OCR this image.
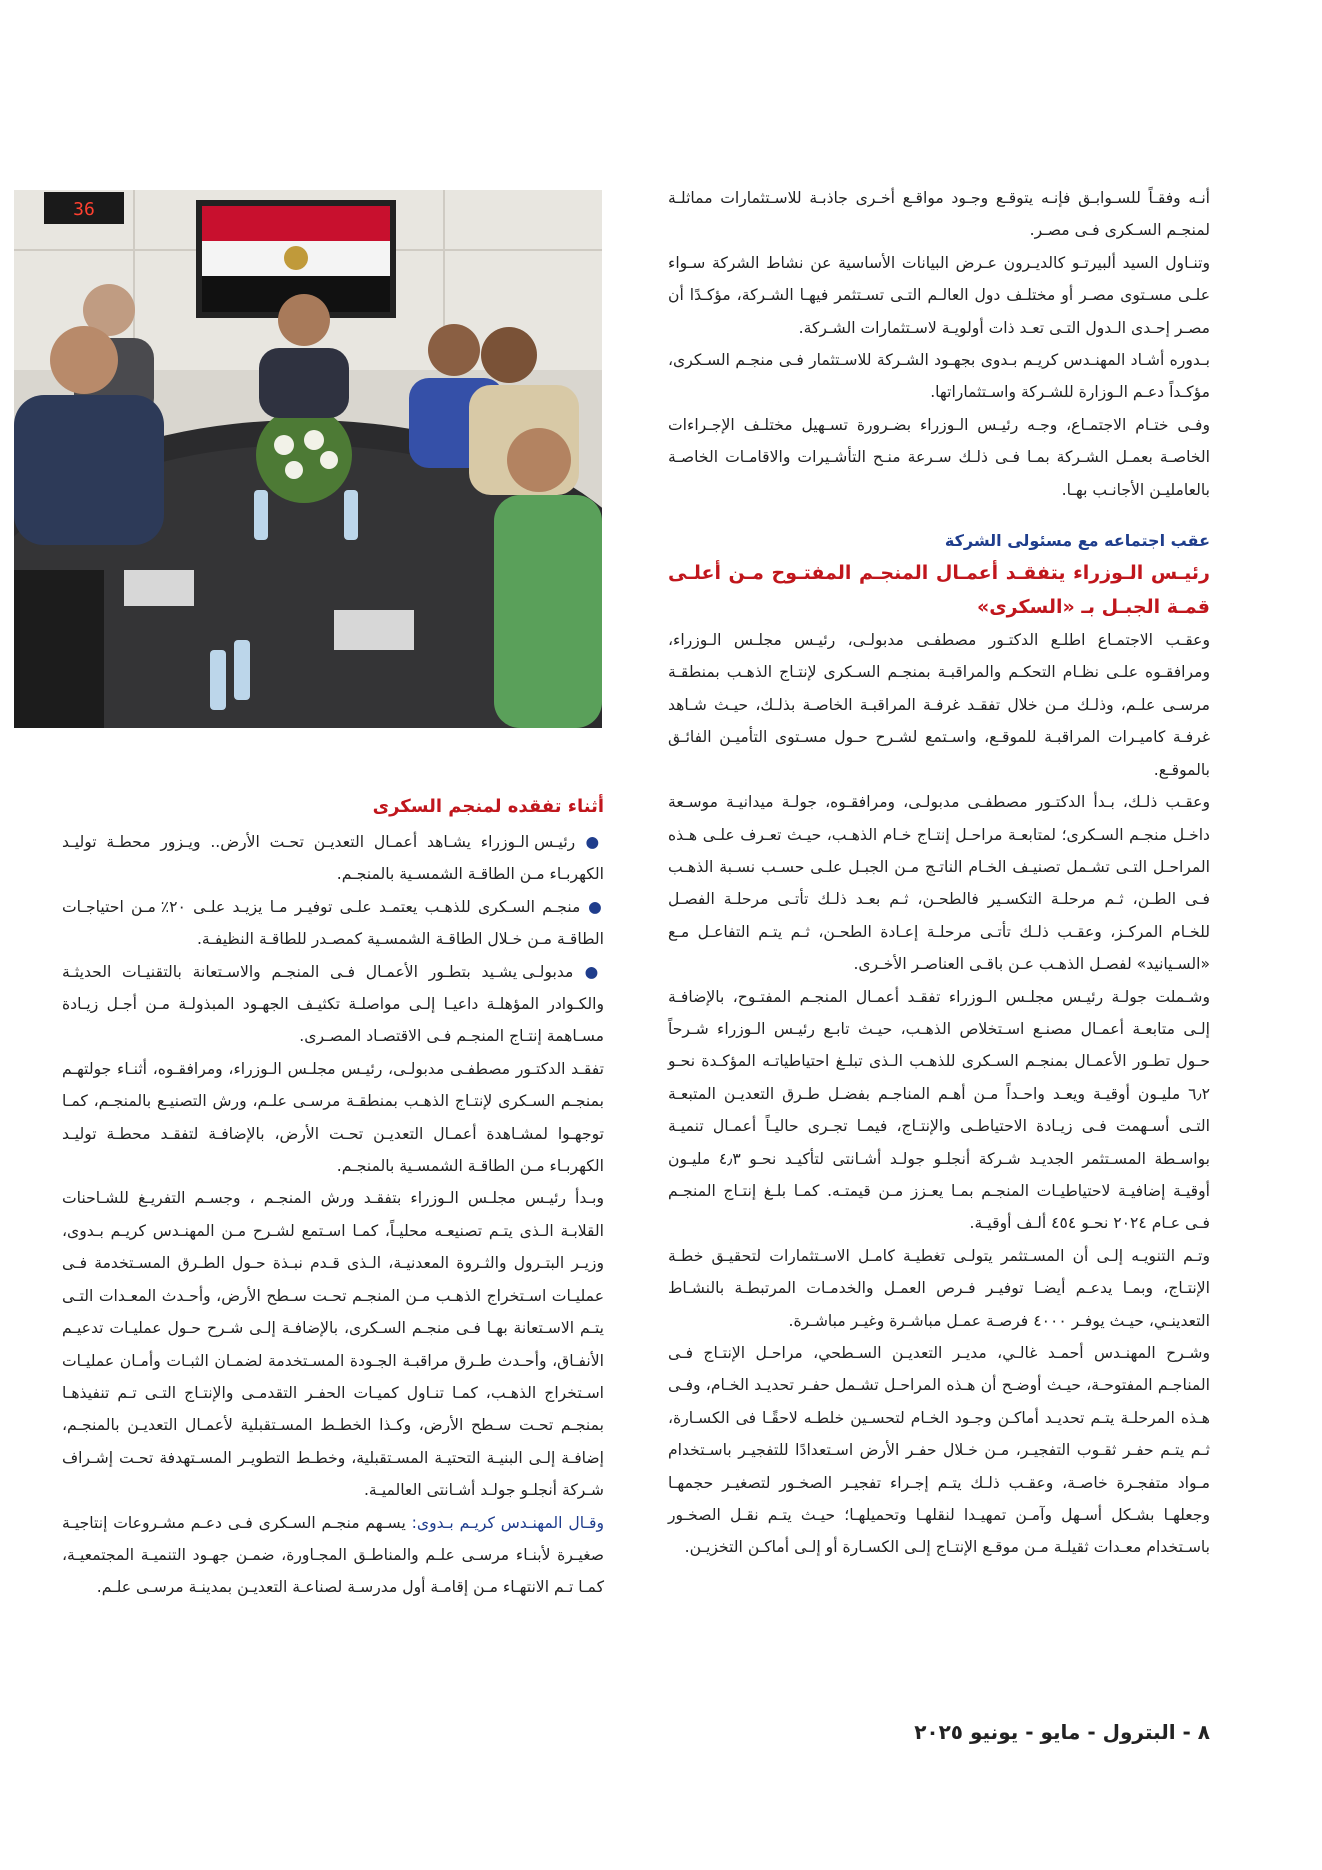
36

أنـه وفقـاً للسـوابـق فإنـه يتوقـع وجـود مواقـع أخـرى جاذبـة للاسـتثمارات مماثلـة لمنجـم السـكرى فـى مصـر.

وتنـاول السيد ألبيرتـو كالديـرون عـرض البيانات الأساسية عن نشاط الشركة سـواء علـى مسـتوى مصـر أو مختلـف دول العالـم التـى تسـتثمر فيهـا الشـركة، مؤكـدًا أن مصـر إحـدى الـدول التـى تعـد ذات أولويـة لاسـتثمارات الشـركة.

بـدوره أشـاد المهنـدس كريـم بـدوى بجهـود الشـركة للاسـتثمار فـى منجـم السـكرى، مؤكـداً دعـم الـوزارة للشـركة واسـتثماراتها.

وفـى ختـام الاجتمـاع، وجـه رئيـس الـوزراء بضـرورة تسـهيل مختلـف الإجـراءات الخاصـة بعمـل الشـركة بمـا فـى ذلـك سـرعة منـح التأشـيرات والاقامـات الخاصـة بالعامليـن الأجانـب بهـا.

عقب اجتماعه مع مسئولى الشركة
رئيـس الـوزراء يتفقـد أعمـال المنجـم المفتـوح مـن أعلـى قمـة الجبـل بـ «السكرى»

وعقـب الاجتمـاع اطلـع الدكتـور مصطفـى مدبولـى، رئيـس مجلـس الـوزراء، ومرافقـوه علـى نظـام التحكـم والمراقبـة بمنجـم السـكرى لإنتـاج الذهـب بمنطقـة مرسـى علـم، وذلـك مـن خلال تفقـد غرفـة المراقبـة الخاصـة بذلـك، حيـث شـاهد غرفـة كاميـرات المراقبـة للموقـع، واسـتمع لشـرح حـول مسـتوى التأميـن الفائـق بالموقـع.

وعقـب ذلـك، بـدأ الدكتـور مصطفـى مدبولـى، ومرافقـوه، جولـة ميدانيـة موسـعة داخـل منجـم السـكرى؛ لمتابعـة مراحـل إنتـاج خـام الذهـب، حيـث تعـرف علـى هـذه المراحـل التـى تشـمل تصنيـف الخـام الناتـج مـن الجبـل علـى حسـب نسـبة الذهـب فـى الطـن، ثـم مرحلـة التكسـير فالطحـن، ثـم بعـد ذلـك تأتـى مرحلـة الفصـل للخـام المركـز، وعقـب ذلـك تأتـى مرحلـة إعـادة الطحـن، ثـم يتـم التفاعـل مـع «السـيانيد» لفصـل الذهـب عـن باقـى العناصـر الأخـرى.

وشـملت جولـة رئيـس مجلـس الـوزراء تفقـد أعمـال المنجـم المفتـوح، بالإضافـة إلـى متابعـة أعمـال مصنـع اسـتخلاص الذهـب، حيـث تابـع رئيـس الـوزراء شـرحاً حـول تطـور الأعمـال بمنجـم السـكرى للذهـب الـذى تبلـغ احتياطياتـه المؤكـدة نحـو ٦٫٢ مليـون أوقيـة ويعـد واحـداً مـن أهـم المناجـم بفضـل طـرق التعديـن المتبعـة التـى أسـهمت فـى زيـادة الاحتياطـى والإنتـاج، فيمـا تجـرى حاليـاً أعمـال تنميـة بواسـطة المسـتثمر الجديـد شـركة أنجلـو جولـد أشـانتى لتأكيـد نحـو ٤٫٣ مليـون أوقيـة إضافيـة لاحتياطيـات المنجـم بمـا يعـزز مـن قيمتـه. كمـا بلـغ إنتـاج المنجـم فـى عـام ٢٠٢٤ نحـو ٤٥٤ ألـف أوقيـة.

وتـم التنويـه إلـى أن المسـتثمر يتولـى تغطيـة كامـل الاسـتثمارات لتحقيـق خطـة الإنتـاج، وبمـا يدعـم أيضـا توفيـر فـرص العمـل والخدمـات المرتبطـة بالنشـاط التعدينـي، حيـث يوفـر ٤٠٠٠ فرصـة عمـل مباشـرة وغيـر مباشـرة.

وشـرح المهنـدس أحمـد غالـي، مديـر التعديـن السـطحي، مراحـل الإنتـاج فـى المناجـم المفتوحـة، حيـث أوضـح أن هـذه المراحـل تشـمل حفـر تحديـد الخـام، وفـى هـذه المرحلـة يتـم تحديـد أماكـن وجـود الخـام لتحسـين خلطـه لاحقًـا فى الكسـارة، ثـم يتـم حفـر ثقـوب التفجيـر، مـن خـلال حفـر الأرض اسـتعدادًا للتفجيـر باسـتخدام مـواد متفجـرة خاصـة، وعقـب ذلـك يتـم إجـراء تفجيـر الصخـور لتصغيـر حجمهـا وجعلهـا بشـكل أسـهل وآمـن تمهيـدا لنقلهـا وتحميلهـا؛ حيـث يتـم نقـل الصخـور باسـتخدام معـدات ثقيلـة مـن موقـع الإنتـاج إلـى الكسـارة أو إلـى أماكـن التخزيـن.

أثناء تفقده لمنجم السكرى

● رئيـس الـوزراء يشـاهد أعمـال التعديـن تحـت الأرض.. ويـزور محطـة توليـد الكهربـاء مـن الطاقـة الشمسـية بالمنجـم.

● منجـم السـكرى للذهـب يعتمـد علـى توفيـر مـا يزيـد علـى ٢٠٪ مـن احتياجـات الطاقـة مـن خـلال الطاقـة الشمسـية كمصـدر للطاقـة النظيفـة.

● مدبولـى يشـيد بتطـور الأعمـال فـى المنجـم والاسـتعانة بالتقنيـات الحديثـة والكـوادر المؤهلـة داعيـا إلـى مواصلـة تكثيـف الجهـود المبذولـة مـن أجـل زيـادة مسـاهمة إنتـاج المنجـم فـى الاقتصـاد المصـرى.

تفقـد الدكتـور مصطفـى مدبولـى، رئيـس مجلـس الـوزراء، ومرافقـوه، أثنـاء جولتهـم بمنجـم السـكرى لإنتـاج الذهـب بمنطقـة مرسـى علـم، ورش التصنيـع بالمنجـم، كمـا توجهـوا لمشـاهدة أعمـال التعديـن تحـت الأرض، بالإضافـة لتفقـد محطـة توليـد الكهربـاء مـن الطاقـة الشمسـية بالمنجـم.

وبـدأ رئيـس مجلـس الـوزراء بتفقـد ورش المنجـم ، وجسـم التفريـغ للشـاحنات القلابـة الـذى يتـم تصنيعـه محليـاً، كمـا اسـتمع لشـرح مـن المهنـدس كريـم بـدوى، وزيـر البتـرول والثـروة المعدنيـة، الـذى قـدم نبـذة حـول الطـرق المسـتخدمة فـى عمليـات اسـتخراج الذهـب مـن المنجـم تحـت سـطح الأرض، وأحـدث المعـدات التـى يتـم الاسـتعانة بهـا فـى منجـم السـكرى، بالإضافـة إلـى شـرح حـول عمليـات تدعيـم الأنفـاق، وأحـدث طـرق مراقبـة الجـودة المسـتخدمة لضمـان الثبـات وأمـان عمليـات اسـتخراج الذهـب، كمـا تنـاول كميـات الحفـر التقدمـى والإنتـاج التـى تـم تنفيذهـا بمنجـم تحـت سـطح الأرض، وكـذا الخطـط المسـتقبلية لأعمـال التعديـن بالمنجـم، إضافـة إلـى البنيـة التحتيـة المسـتقبلية، وخطـط التطويـر المسـتهدفة تحـت إشـراف شـركة أنجلـو جولـد أشـانتى العالميـة.

وقـال المهنـدس كريـم بـدوى: يسـهم منجـم السـكرى فـى دعـم مشـروعات إنتاجيـة صغيـرة لأبنـاء مرسـى علـم والمناطـق المجـاورة، ضمـن جهـود التنميـة المجتمعيـة، كمـا تـم الانتهـاء مـن إقامـة أول مدرسـة لصناعـة التعديـن بمدينـة مرسـى علـم.

٨ - البترول - مايو - يونيو ٢٠٢٥
